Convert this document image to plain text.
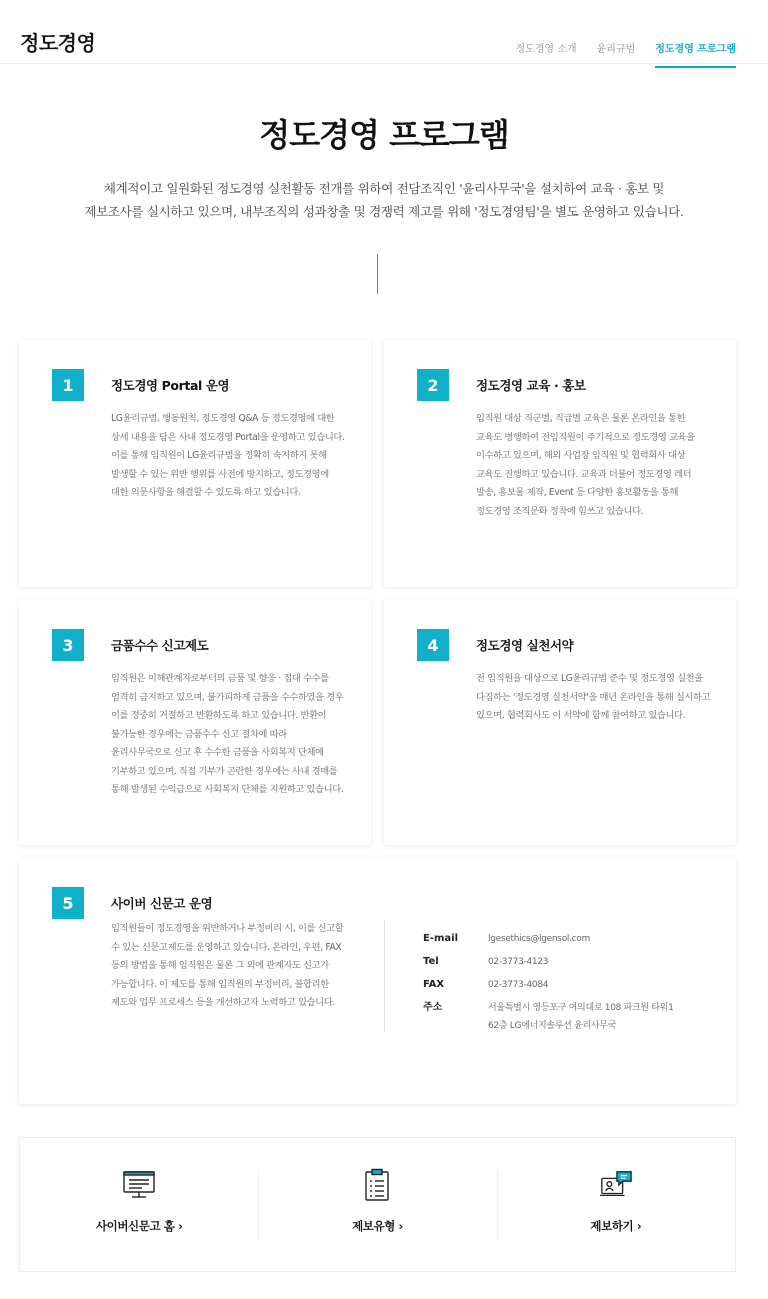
정도경영	정도경영 소개 윤리규범 정도경영 프로그램
정도경영 프로그램
체계적이고 일원화된 정도경영 실천활동 전개를 위하여 전담조직인 '윤리사무국'을 설치하여 교육 · 홍보 및
제보조사를 실시하고 있으며, 내부조직의 성과창출 및 경쟁력 제고를 위해 '정도경영팀'을 별도 운영하고 있습니다.
1	정도경영 Portal 운영
LG윤리규범, 행동원칙, 정도경영 Q&A 등 정도경영에 대한 상세 내용을 담은 사내 정도경영 Portal을 운영하고 있습니다. 이를 통해 임직원이 LG윤리규범을 정확히 숙지하지 못해 발생할 수 있는 위반 행위를 사전에 방지하고, 정도경영에 대한 의문사항을 해결할 수 있도록 하고 있습니다.
2	정도경영 교육 · 홍보
임직원 대상 직군별, 직급별 교육은 물론 온라인을 통한 교육도 병행하여 전임직원이 주기적으로 정도경영 교육을 이수하고 있으며, 해외 사업장 임직원 및 협력회사 대상 교육도 진행하고 있습니다. 교육과 더불어 정도경영 레터 발송, 홍보물 제작, Event 등 다양한 홍보활동을 통해 정도경영 조직문화 정착에 힘쓰고 있습니다.
3	금품수수 신고제도
임직원은 이해관계자로부터의 금품 및 향응 · 접대 수수를 엄격히 금지하고 있으며, 불가피하게 금품을 수수하였을 경우 이를 정중히 거절하고 반환하도록 하고 있습니다. 반환이 불가능한 경우에는 금품수수 신고 절차에 따라 윤리사무국으로 신고 후 수수한 금품을 사회복지 단체에 기부하고 있으며, 직접 기부가 곤란한 경우에는 사내 경매를 통해 발생된 수익금으로 사회복지 단체를 지원하고 있습니다.
4	정도경영 실천서약
전 임직원을 대상으로 LG윤리규범 준수 및 정도경영 실천을 다짐하는 '정도경영 실천서약'을 매년 온라인을 통해 실시하고 있으며, 협력회사도 이 서약에 함께 참여하고 있습니다.
5	사이버 신문고 운영
임직원들이 정도경영을 위반하거나 부정비리 시, 이를 신고할 수 있는 신문고제도를 운영하고 있습니다. 온라인, 우편, FAX 등의 방법을 통해 임직원은 물론 그 외에 관계자도 신고가 가능합니다. 이 제도를 통해 임직원의 부정비리, 불합리한 제도와 업무 프로세스 등을 개선하고자 노력하고 있습니다.
E-mail	lgesethics@lgensol.com
Tel	02-3773-4123
FAX	02-3773-4084
주소	서울특별시 영등포구 여의대로 108 파크원 타워1
62층 LG에너지솔루션 윤리사무국
사이버신문고 홈 ›	제보유형 ›	제보하기 ›
